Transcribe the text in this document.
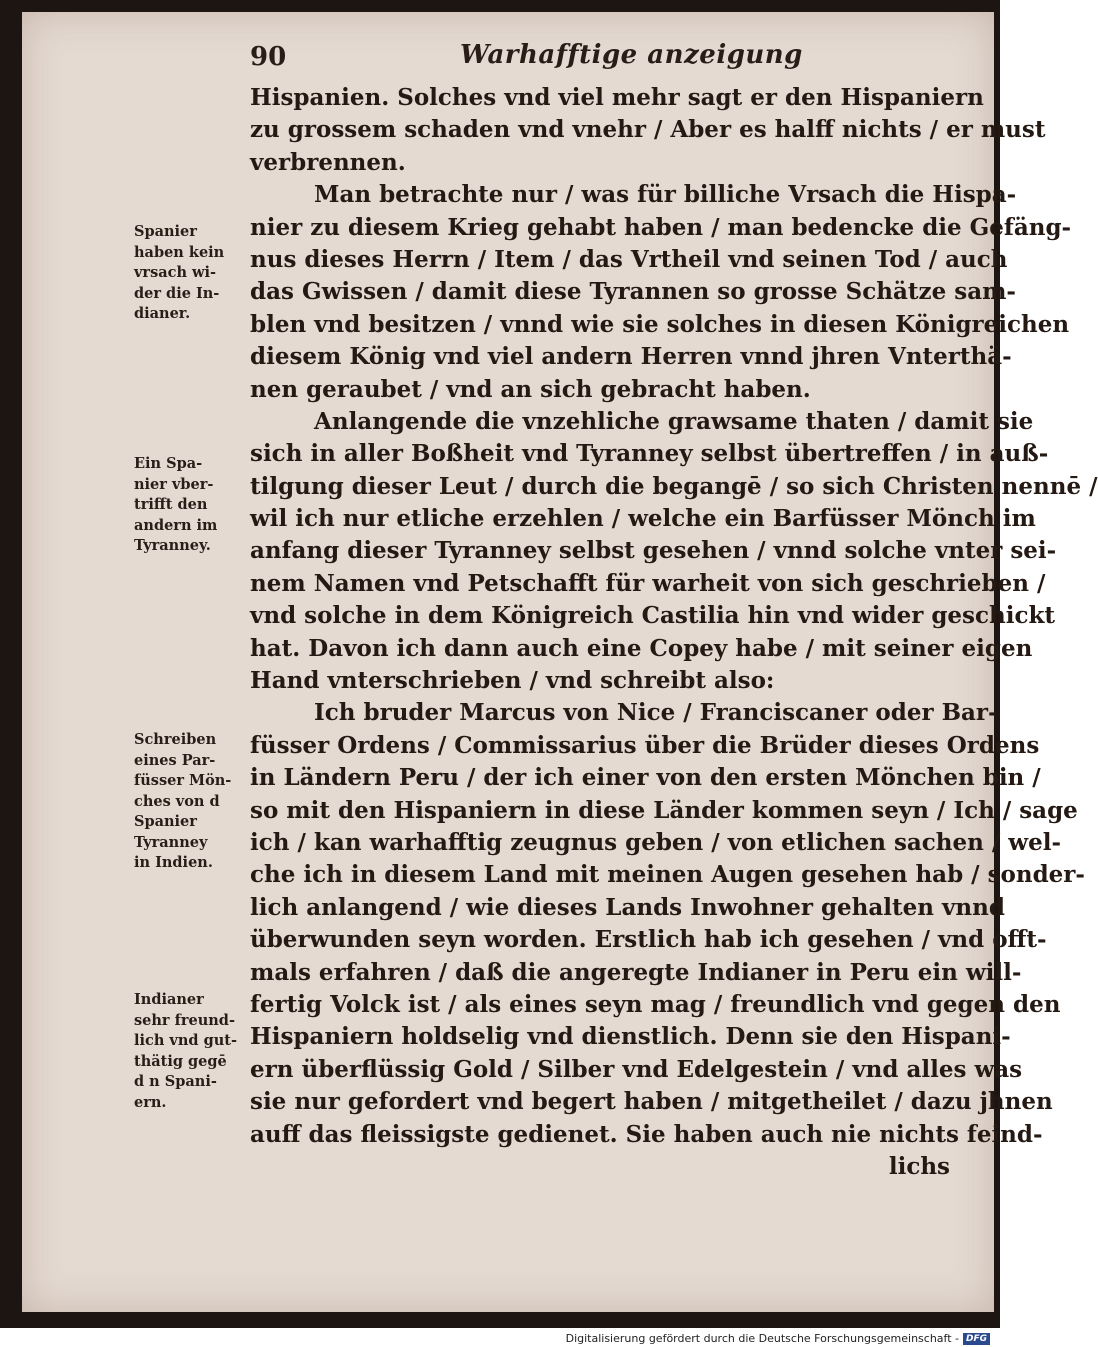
90	Warhafftige anzeigung
Hispanien. Solches vnd viel mehr sagt er den Hispaniern
zu grossem schaden vnd vnehr / Aber es halff nichts / er must
verbrennen.
Man betrachte nur / was für billiche Vrsach die Hispa-
nier zu diesem Krieg gehabt haben / man bedencke die Gefäng-
nus dieses Herrn / Item / das Vrtheil vnd seinen Tod / auch
das Gwissen / damit diese Tyrannen so grosse Schätze sam-
blen vnd besitzen / vnnd wie sie solches in diesen Königreichen
diesem König vnd viel andern Herren vnnd jhren Vnterthä-
nen geraubet / vnd an sich gebracht haben.
Anlangende die vnzehliche grawsame thaten / damit sie
sich in aller Boßheit vnd Tyranney selbst übertreffen / in auß-
tilgung dieser Leut / durch die begangē / so sich Christen nennē /
wil ich nur etliche erzehlen / welche ein Barfüsser Mönch im
anfang dieser Tyranney selbst gesehen / vnnd solche vnter sei-
nem Namen vnd Petschafft für warheit von sich geschrieben /
vnd solche in dem Königreich Castilia hin vnd wider geschickt
hat. Davon ich dann auch eine Copey habe / mit seiner eigen
Hand vnterschrieben / vnd schreibt also:
Ich bruder Marcus von Nice / Franciscaner oder Bar-
füsser Ordens / Commissarius über die Brüder dieses Ordens
in Ländern Peru / der ich einer von den ersten Mönchen bin /
so mit den Hispaniern in diese Länder kommen seyn / Ich / sage
ich / kan warhafftig zeugnus geben / von etlichen sachen / wel-
che ich in diesem Land mit meinen Augen gesehen hab / sonder-
lich anlangend / wie dieses Lands Inwohner gehalten vnnd
überwunden seyn worden. Erstlich hab ich gesehen / vnd offt-
mals erfahren / daß die angeregte Indianer in Peru ein will-
fertig Volck ist / als eines seyn mag / freundlich vnd gegen den
Hispaniern holdselig vnd dienstlich. Denn sie den Hispani-
ern überflüssig Gold / Silber vnd Edelgestein / vnd alles was
sie nur gefordert vnd begert haben / mitgetheilet / dazu jhnen
auff das fleissigste gedienet. Sie haben auch nie nichts feind-
lichs
Spanier
haben kein
vrsach wi-
der die In-
dianer.
Ein Spa-
nier vber-
trifft den
andern im
Tyranney.
Schreiben
eines Par-
füsser Mön-
ches von d
Spanier
Tyranney
in Indien.
Indianer
sehr freund-
lich vnd gut-
thätig gegē
d n Spani-
ern.
Digitalisierung gefördert durch die Deutsche Forschungsgemeinschaft - DFG
